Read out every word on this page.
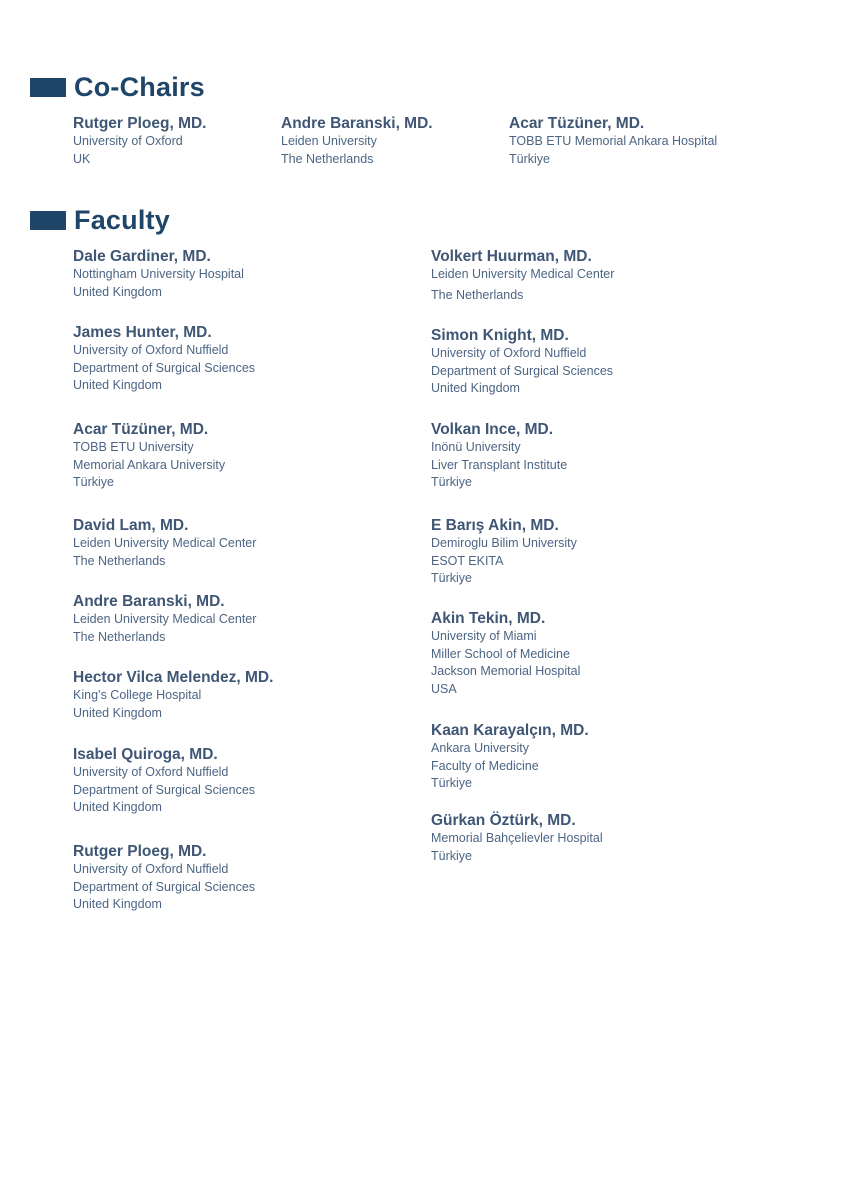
Co-Chairs
Rutger Ploeg, MD.
University of Oxford
UK
Andre Baranski, MD.
Leiden University
The Netherlands
Acar Tüzüner, MD.
TOBB ETU Memorial Ankara Hospital
Türkiye
Faculty
Dale Gardiner, MD.
Nottingham University Hospital
United Kingdom
James Hunter, MD.
University of Oxford Nuffield
Department of Surgical Sciences
United Kingdom
Acar Tüzüner, MD.
TOBB ETU University
Memorial Ankara University
Türkiye
David Lam, MD.
Leiden University Medical Center
The Netherlands
Andre Baranski, MD.
Leiden University Medical Center
The Netherlands
Hector Vilca Melendez, MD.
King’s College Hospital
United Kingdom
Isabel Quiroga, MD.
University of Oxford Nuffield
Department of Surgical Sciences
United Kingdom
Rutger Ploeg, MD.
University of Oxford Nuffield
Department of Surgical Sciences
United Kingdom
Volkert Huurman, MD.
Leiden University Medical Center
The Netherlands
Simon Knight, MD.
University of Oxford Nuffield
Department of Surgical Sciences
United Kingdom
Volkan Ince, MD.
Inönü University
Liver Transplant Institute
Türkiye
E Barış Akin, MD.
Demiroglu Bilim University
ESOT EKITA
Türkiye
Akin Tekin, MD.
University of Miami
Miller School of Medicine
Jackson Memorial Hospital
USA
Kaan Karayalçın, MD.
Ankara University
Faculty of Medicine
Türkiye
Gürkan Öztürk, MD.
Memorial Bahçelievler Hospital
Türkiye
